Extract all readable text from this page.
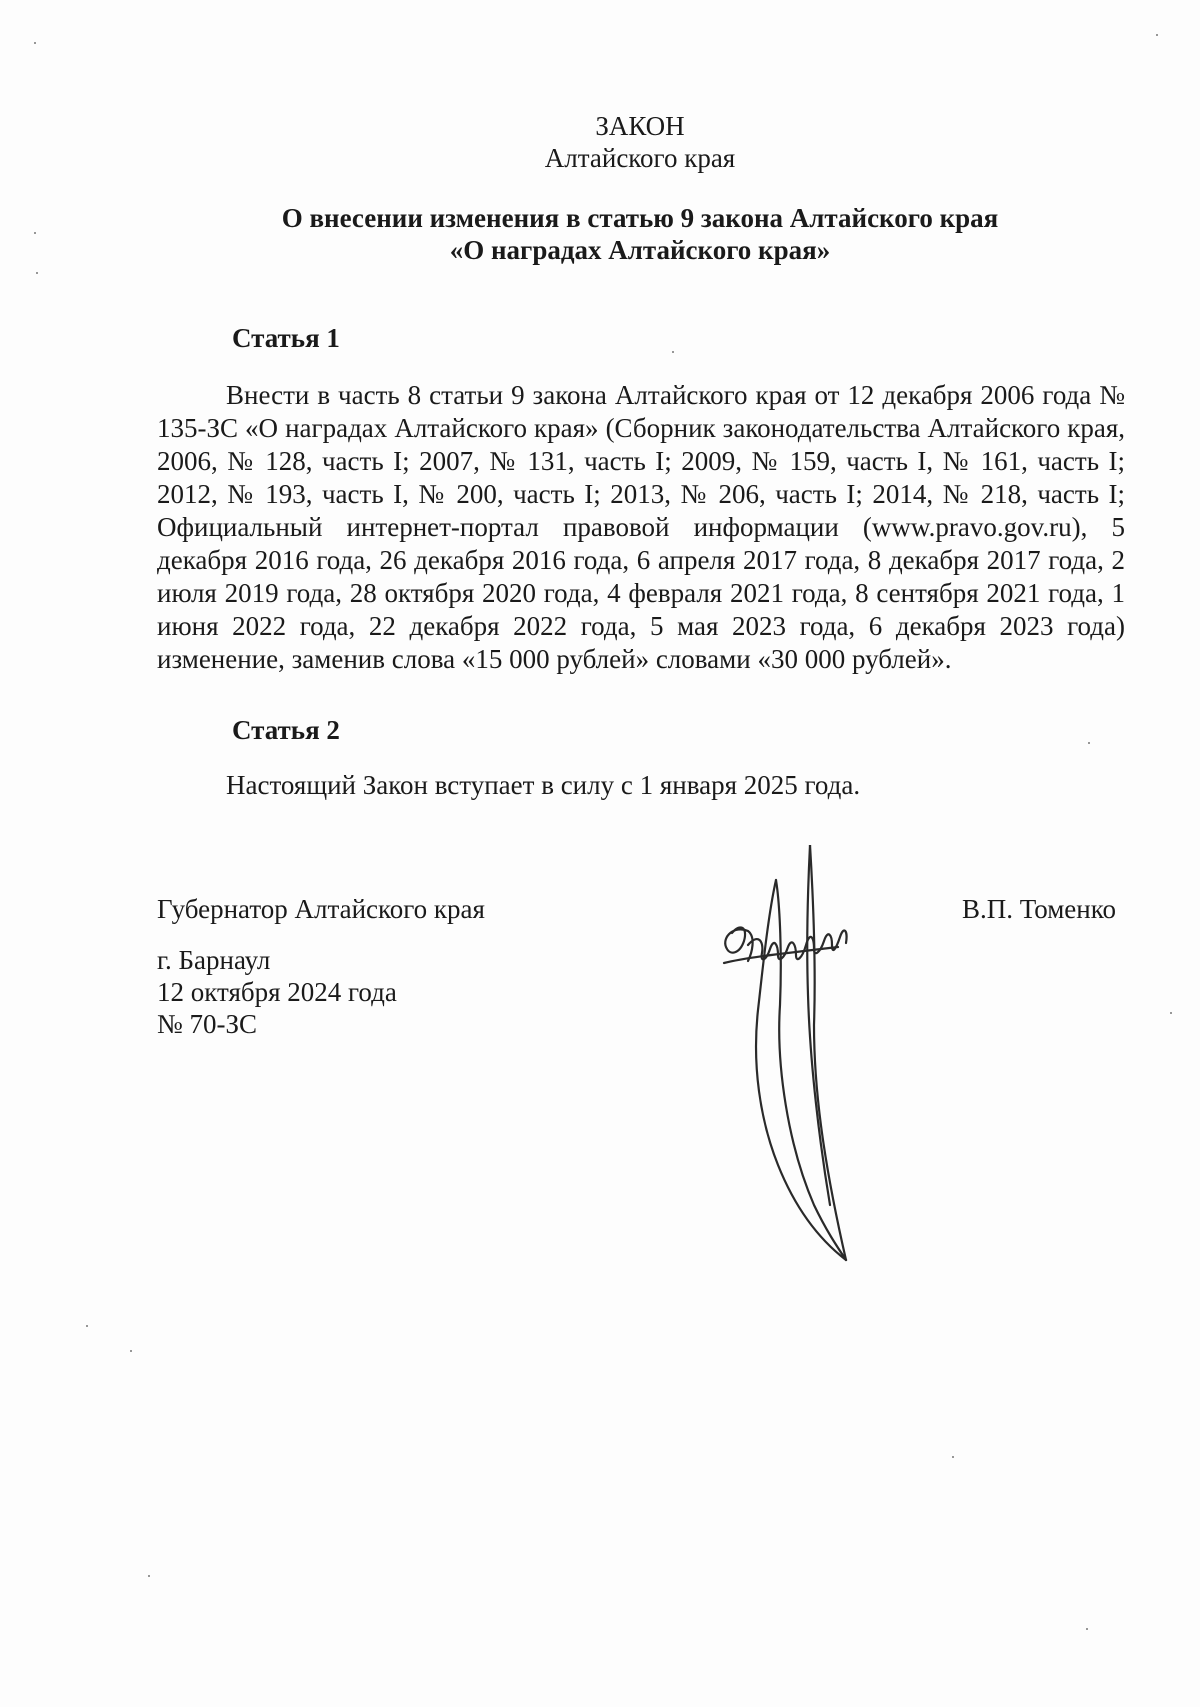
ЗАКОН
Алтайского края
О внесении изменения в статью 9 закона Алтайского края
«О наградах Алтайского края»
Статья 1

Внести в часть 8 статьи 9 закона Алтайского края от 12 декабря 2006 года № 135-ЗС «О наградах Алтайского края» (Сборник законодательства Алтайского края, 2006, № 128, часть I; 2007, № 131, часть I; 2009, № 159, часть I, № 161, часть I; 2012, № 193, часть I, № 200, часть I; 2013, № 206, часть I; 2014, № 218, часть I; Официальный интернет-портал правовой информации (www.pravo.gov.ru), 5 декабря 2016 года, 26 декабря 2016 года, 6 апреля 2017 года, 8 декабря 2017 года, 2 июля 2019 года, 28 октября 2020 года, 4 февраля 2021 года, 8 сентября 2021 года, 1 июня 2022 года, 22 декабря 2022 года, 5 мая 2023 года, 6 декабря 2023 года) изменение, заменив слова «15 000 рублей» словами «30 000 рублей».

Статья 2

Настоящий Закон вступает в силу с 1 января 2025 года.

Губернатор Алтайского края	В.П. Томенко
г. Барнаул
12 октября 2024 года
№ 70-ЗС
